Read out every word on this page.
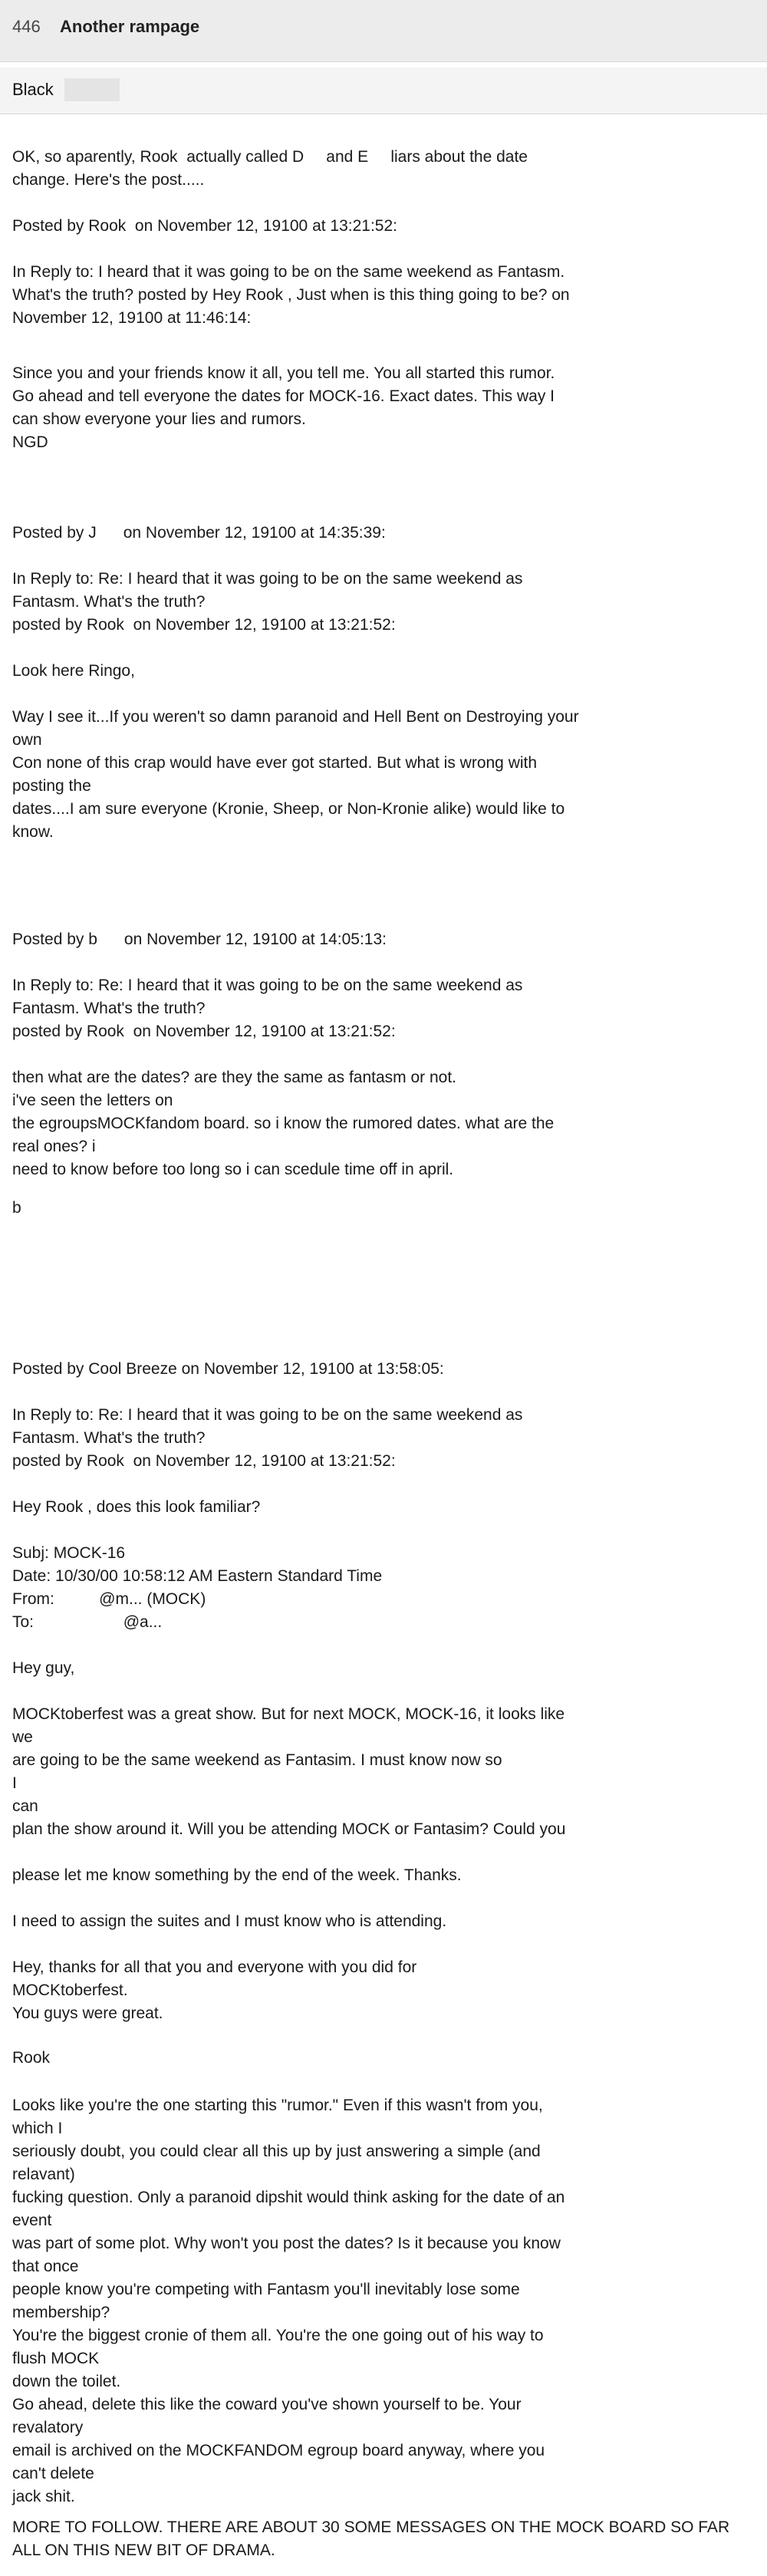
446 Another rampage
Black

OK, so aparently, Rook  actually called D     and E     liars about the date change. Here's the post.....

Posted by Rook  on November 12, 19100 at 13:21:52:

In Reply to: I heard that it was going to be on the same weekend as Fantasm. What's the truth? posted by Hey Rook , Just when is this thing going to be? on November 12, 19100 at 11:46:14:

Since you and your friends know it all, you tell me. You all started this rumor. Go ahead and tell everyone the dates for MOCK-16. Exact dates. This way I can show everyone your lies and rumors.

NGD

Posted by J      on November 12, 19100 at 14:35:39:

In Reply to: Re: I heard that it was going to be on the same weekend as Fantasm. What's the truth?

posted by Rook  on November 12, 19100 at 13:21:52:

Look here Ringo,

Way I see it...If you weren't so damn paranoid and Hell Bent on Destroying your own

Con none of this crap would have ever got started. But what is wrong with posting the

dates....I am sure everyone (Kronie, Sheep, or Non-Kronie alike) would like to know.

Posted by b      on November 12, 19100 at 14:05:13:

In Reply to: Re: I heard that it was going to be on the same weekend as Fantasm. What's the truth?

posted by Rook  on November 12, 19100 at 13:21:52:

then what are the dates? are they the same as fantasm or not.

i've seen the letters on

the egroupsMOCKfandom board. so i know the rumored dates. what are the real ones? i

need to know before too long so i can scedule time off in april.

b

Posted by Cool Breeze on November 12, 19100 at 13:58:05:

In Reply to: Re: I heard that it was going to be on the same weekend as Fantasm. What's the truth?

posted by Rook  on November 12, 19100 at 13:21:52:

Hey Rook , does this look familiar?

Subj: MOCK-16

Date: 10/30/00 10:58:12 AM Eastern Standard Time

From:          @m... (MOCK)

To:                    @a...

Hey guy,

MOCKtoberfest was a great show. But for next MOCK, MOCK-16, it looks like we

are going to be the same weekend as Fantasim. I must know now so

I

can

plan the show around it. Will you be attending MOCK or Fantasim? Could you

please let me know something by the end of the week. Thanks.

I need to assign the suites and I must know who is attending.

Hey, thanks for all that you and everyone with you did for

MOCKtoberfest.

You guys were great.

Rook

Looks like you're the one starting this "rumor." Even if this wasn't from you, which I

seriously doubt, you could clear all this up by just answering a simple (and relavant)

fucking question. Only a paranoid dipshit would think asking for the date of an event

was part of some plot. Why won't you post the dates? Is it because you know that once

people know you're competing with Fantasm you'll inevitably lose some membership?

You're the biggest cronie of them all. You're the one going out of his way to flush MOCK

down the toilet.

Go ahead, delete this like the coward you've shown yourself to be. Your revalatory

email is archived on the MOCKFANDOM egroup board anyway, where you can't delete

jack shit.

MORE TO FOLLOW. THERE ARE ABOUT 30 SOME MESSAGES ON THE MOCK BOARD SO FAR ALL ON THIS NEW BIT OF DRAMA.
